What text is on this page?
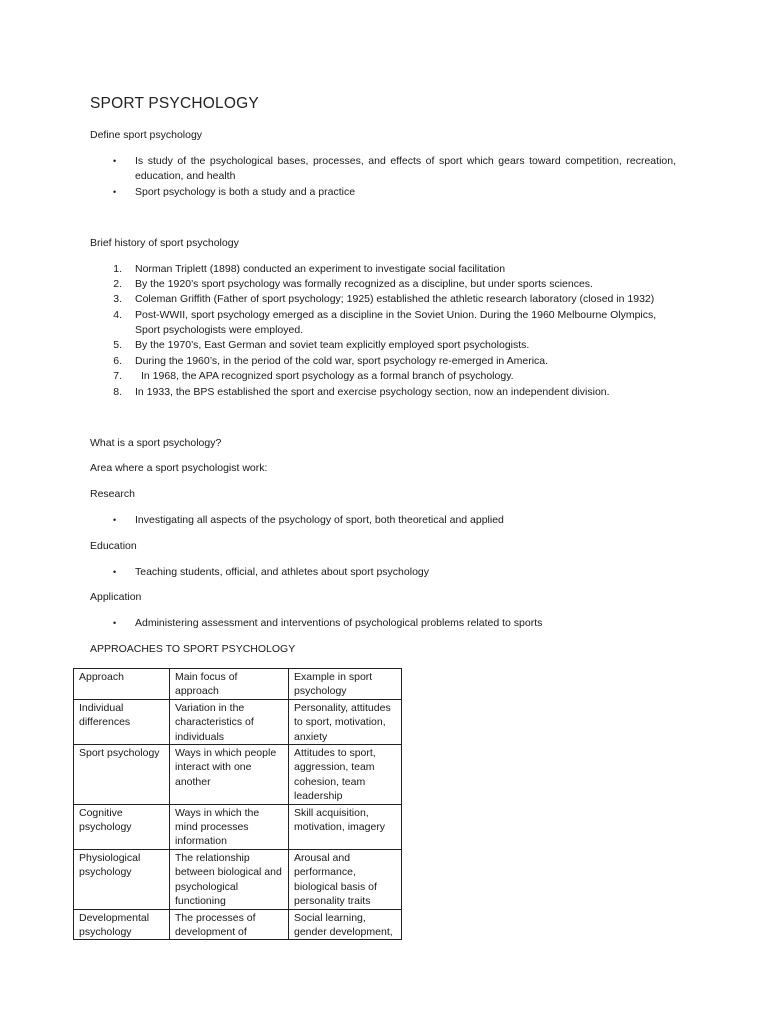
SPORT PSYCHOLOGY
Define sport psychology
• Is study of the psychological bases, processes, and effects of sport which gears toward competition, recreation, education, and health
• Sport psychology is both a study and a practice
Brief history of sport psychology
1. Norman Triplett (1898) conducted an experiment to investigate social facilitation
2. By the 1920’s sport psychology was formally recognized as a discipline, but under sports sciences.
3. Coleman Griffith (Father of sport psychology; 1925) established the athletic research laboratory (closed in 1932)
4. Post-WWII, sport psychology emerged as a discipline in the Soviet Union. During the 1960 Melbourne Olympics, Sport psychologists were employed.
5. By the 1970’s, East German and soviet team explicitly employed sport psychologists.
6. During the 1960’s, in the period of the cold war, sport psychology re-emerged in America.
7. In 1968, the APA recognized sport psychology as a formal branch of psychology.
8. In 1933, the BPS established the sport and exercise psychology section, now an independent division.
What is a sport psychology?
Area where a sport psychologist work:
Research
• Investigating all aspects of the psychology of sport, both theoretical and applied
Education
• Teaching students, official, and athletes about sport psychology
Application
• Administering assessment and interventions of psychological problems related to sports
APPROACHES TO SPORT PSYCHOLOGY
Approach	Main focus of approach	Example in sport psychology
Individual differences	Variation in the characteristics of individuals	Personality, attitudes to sport, motivation, anxiety
Sport psychology	Ways in which people interact with one another	Attitudes to sport, aggression, team cohesion, team leadership
Cognitive psychology	Ways in which the mind processes information	Skill acquisition, motivation, imagery
Physiological psychology	The relationship between biological and psychological functioning	Arousal and performance, biological basis of personality traits
Developmental psychology	The processes of development of	Social learning, gender development,
